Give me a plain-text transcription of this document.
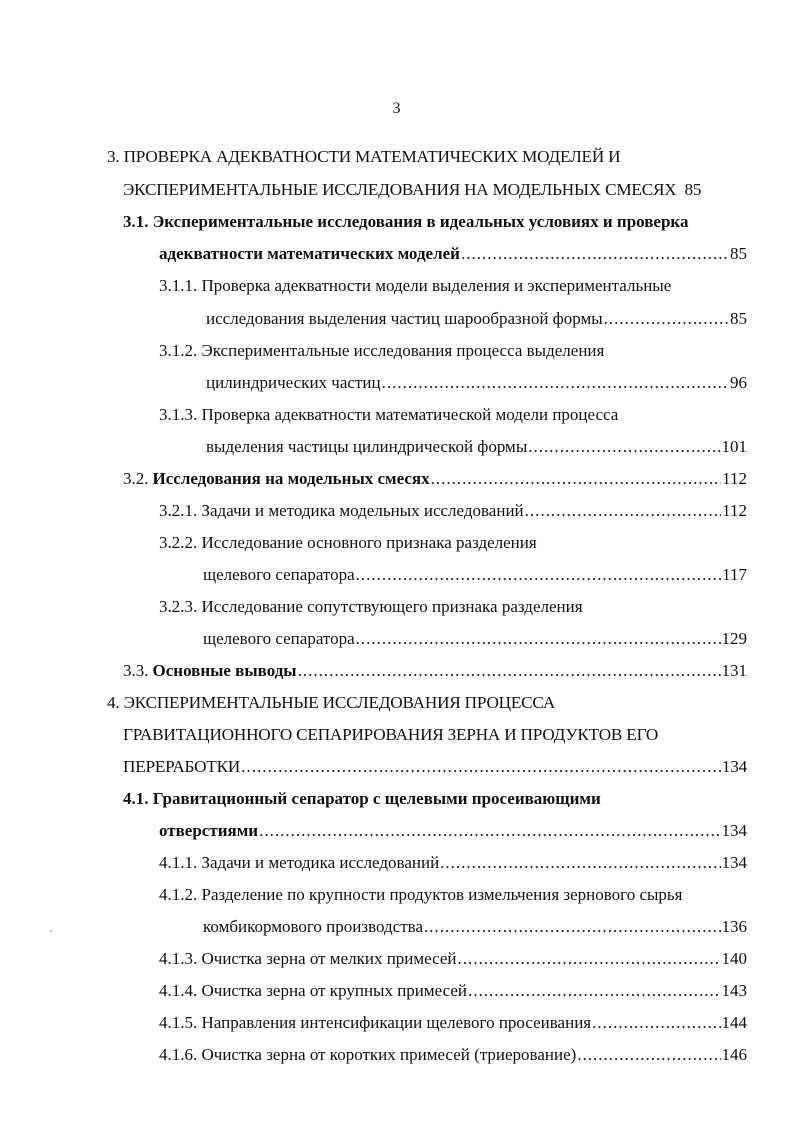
3
3. ПРОВЕРКА АДЕКВАТНОСТИ МАТЕМАТИЧЕСКИХ МОДЕЛЕЙ И
ЭКСПЕРИМЕНТАЛЬНЫЕ ИССЛЕДОВАНИЯ НА МОДЕЛЬНЫХ СМЕСЯХ 85
3.1. Экспериментальные исследования в идеальных условиях и проверка
адекватности математических моделей .....	85
3.1.1. Проверка адекватности модели выделения и экспериментальные
исследования выделения частиц шарообразной формы .....	85
3.1.2. Экспериментальные исследования процесса выделения
цилиндрических частиц .....	96
3.1.3. Проверка адекватности математической модели процесса
выделения частицы цилиндрической формы .....	101
3.2. Исследования на модельных смесях .....	112
3.2.1. Задачи и методика модельных исследований .....	112
3.2.2. Исследование основного признака разделения
щелевого сепаратора .....	117
3.2.3. Исследование сопутствующего признака разделения
щелевого сепаратора .....	129
3.3. Основные выводы .....	131
4. ЭКСПЕРИМЕНТАЛЬНЫЕ ИССЛЕДОВАНИЯ ПРОЦЕССА
ГРАВИТАЦИОННОГО СЕПАРИРОВАНИЯ ЗЕРНА И ПРОДУКТОВ ЕГО
ПЕРЕРАБОТКИ .....	134
4.1. Гравитационный сепаратор с щелевыми просеивающими
отверстиями .....	134
4.1.1. Задачи и методика исследований .....	134
4.1.2. Разделение по крупности продуктов измельчения зернового сырья
комбикормового производства .....	136
4.1.3. Очистка зерна от мелких примесей .....	140
4.1.4. Очистка зерна от крупных примесей .....	143
4.1.5. Направления интенсификации щелевого просеивания .....	144
4.1.6. Очистка зерна от коротких примесей (триерование) .....	146
